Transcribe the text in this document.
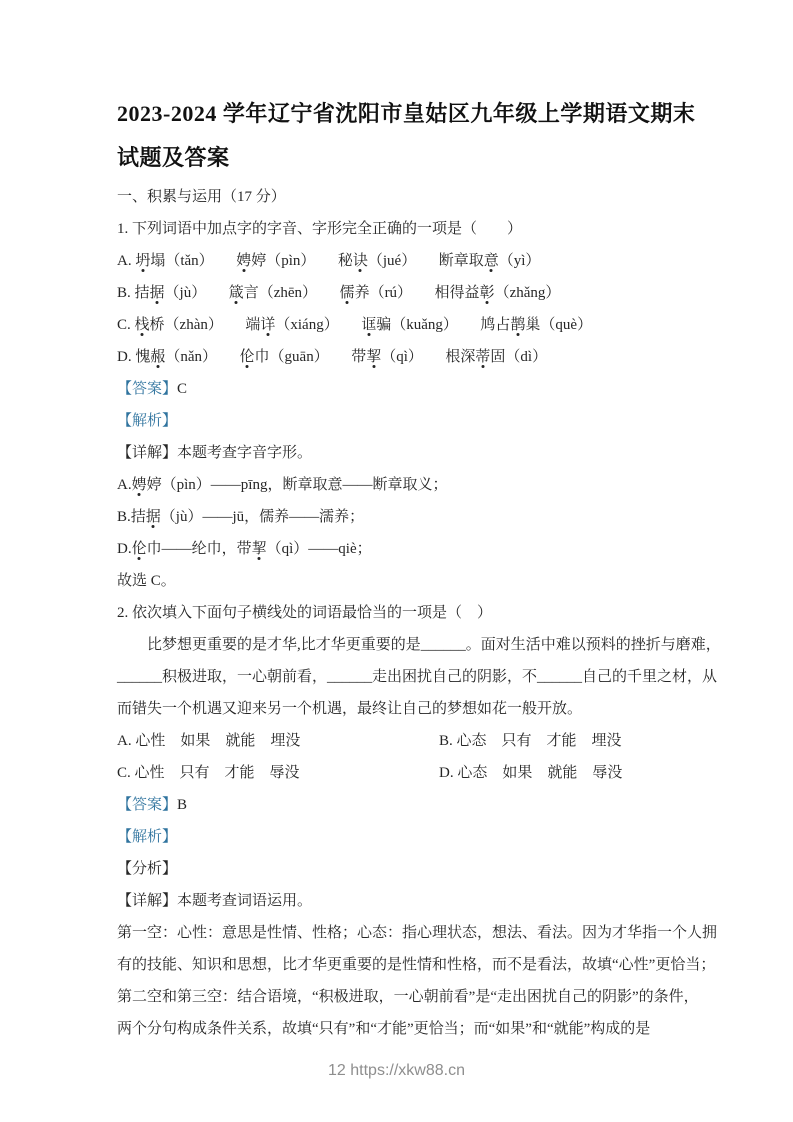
2023-2024 学年辽宁省沈阳市皇姑区九年级上学期语文期末
试题及答案
一、积累与运用（17 分）
1. 下列词语中加点字的字音、字形完全正确的一项是（　　）
A. 坍塌（tǎn）　　娉婷（pìn）　　秘诀（jué）　　断章取意（yì）
B. 拮据（jù）　　箴言（zhēn）　　儒养（rú）　　相得益彰（zhǎng）
C. 栈桥（zhàn）　　端详（xiáng）　　诓骗（kuǎng）　　鸠占鹊巢（què）
D. 愧赧（nǎn）　　伦巾（guān）　　带挈（qì）　　根深蒂固（dì）
【答案】C
【解析】
【详解】本题考查字音字形。
A.娉婷（pìn）——pīng，断章取意——断章取义；
B.拮据（jù）——jū，儒养——濡养；
D.伦巾——纶巾，带挈（qì）——qiè；
故选 C。
2. 依次填入下面句子横线处的词语最恰当的一项是（　）
比梦想更重要的是才华,比才华更重要的是______。面对生活中难以预料的挫折与磨难，
______积极进取，一心朝前看，______走出困扰自己的阴影，不______自己的千里之材，从
而错失一个机遇又迎来另一个机遇，最终让自己的梦想如花一般开放。
A. 心性　如果　就能　埋没	B. 心态　只有　才能　埋没
C. 心性　只有　才能　辱没	D. 心态　如果　就能　辱没
【答案】B
【解析】
【分析】
【详解】本题考查词语运用。
第一空：心性：意思是性情、性格；心态：指心理状态，想法、看法。因为才华指一个人拥
有的技能、知识和思想，比才华更重要的是性情和性格，而不是看法，故填“心性”更恰当；
第二空和第三空：结合语境，“积极进取，一心朝前看”是“走出困扰自己的阴影”的条件，
两个分句构成条件关系，故填“只有”和“才能”更恰当；而“如果”和“就能”构成的是
12 https://xkw88.cn
